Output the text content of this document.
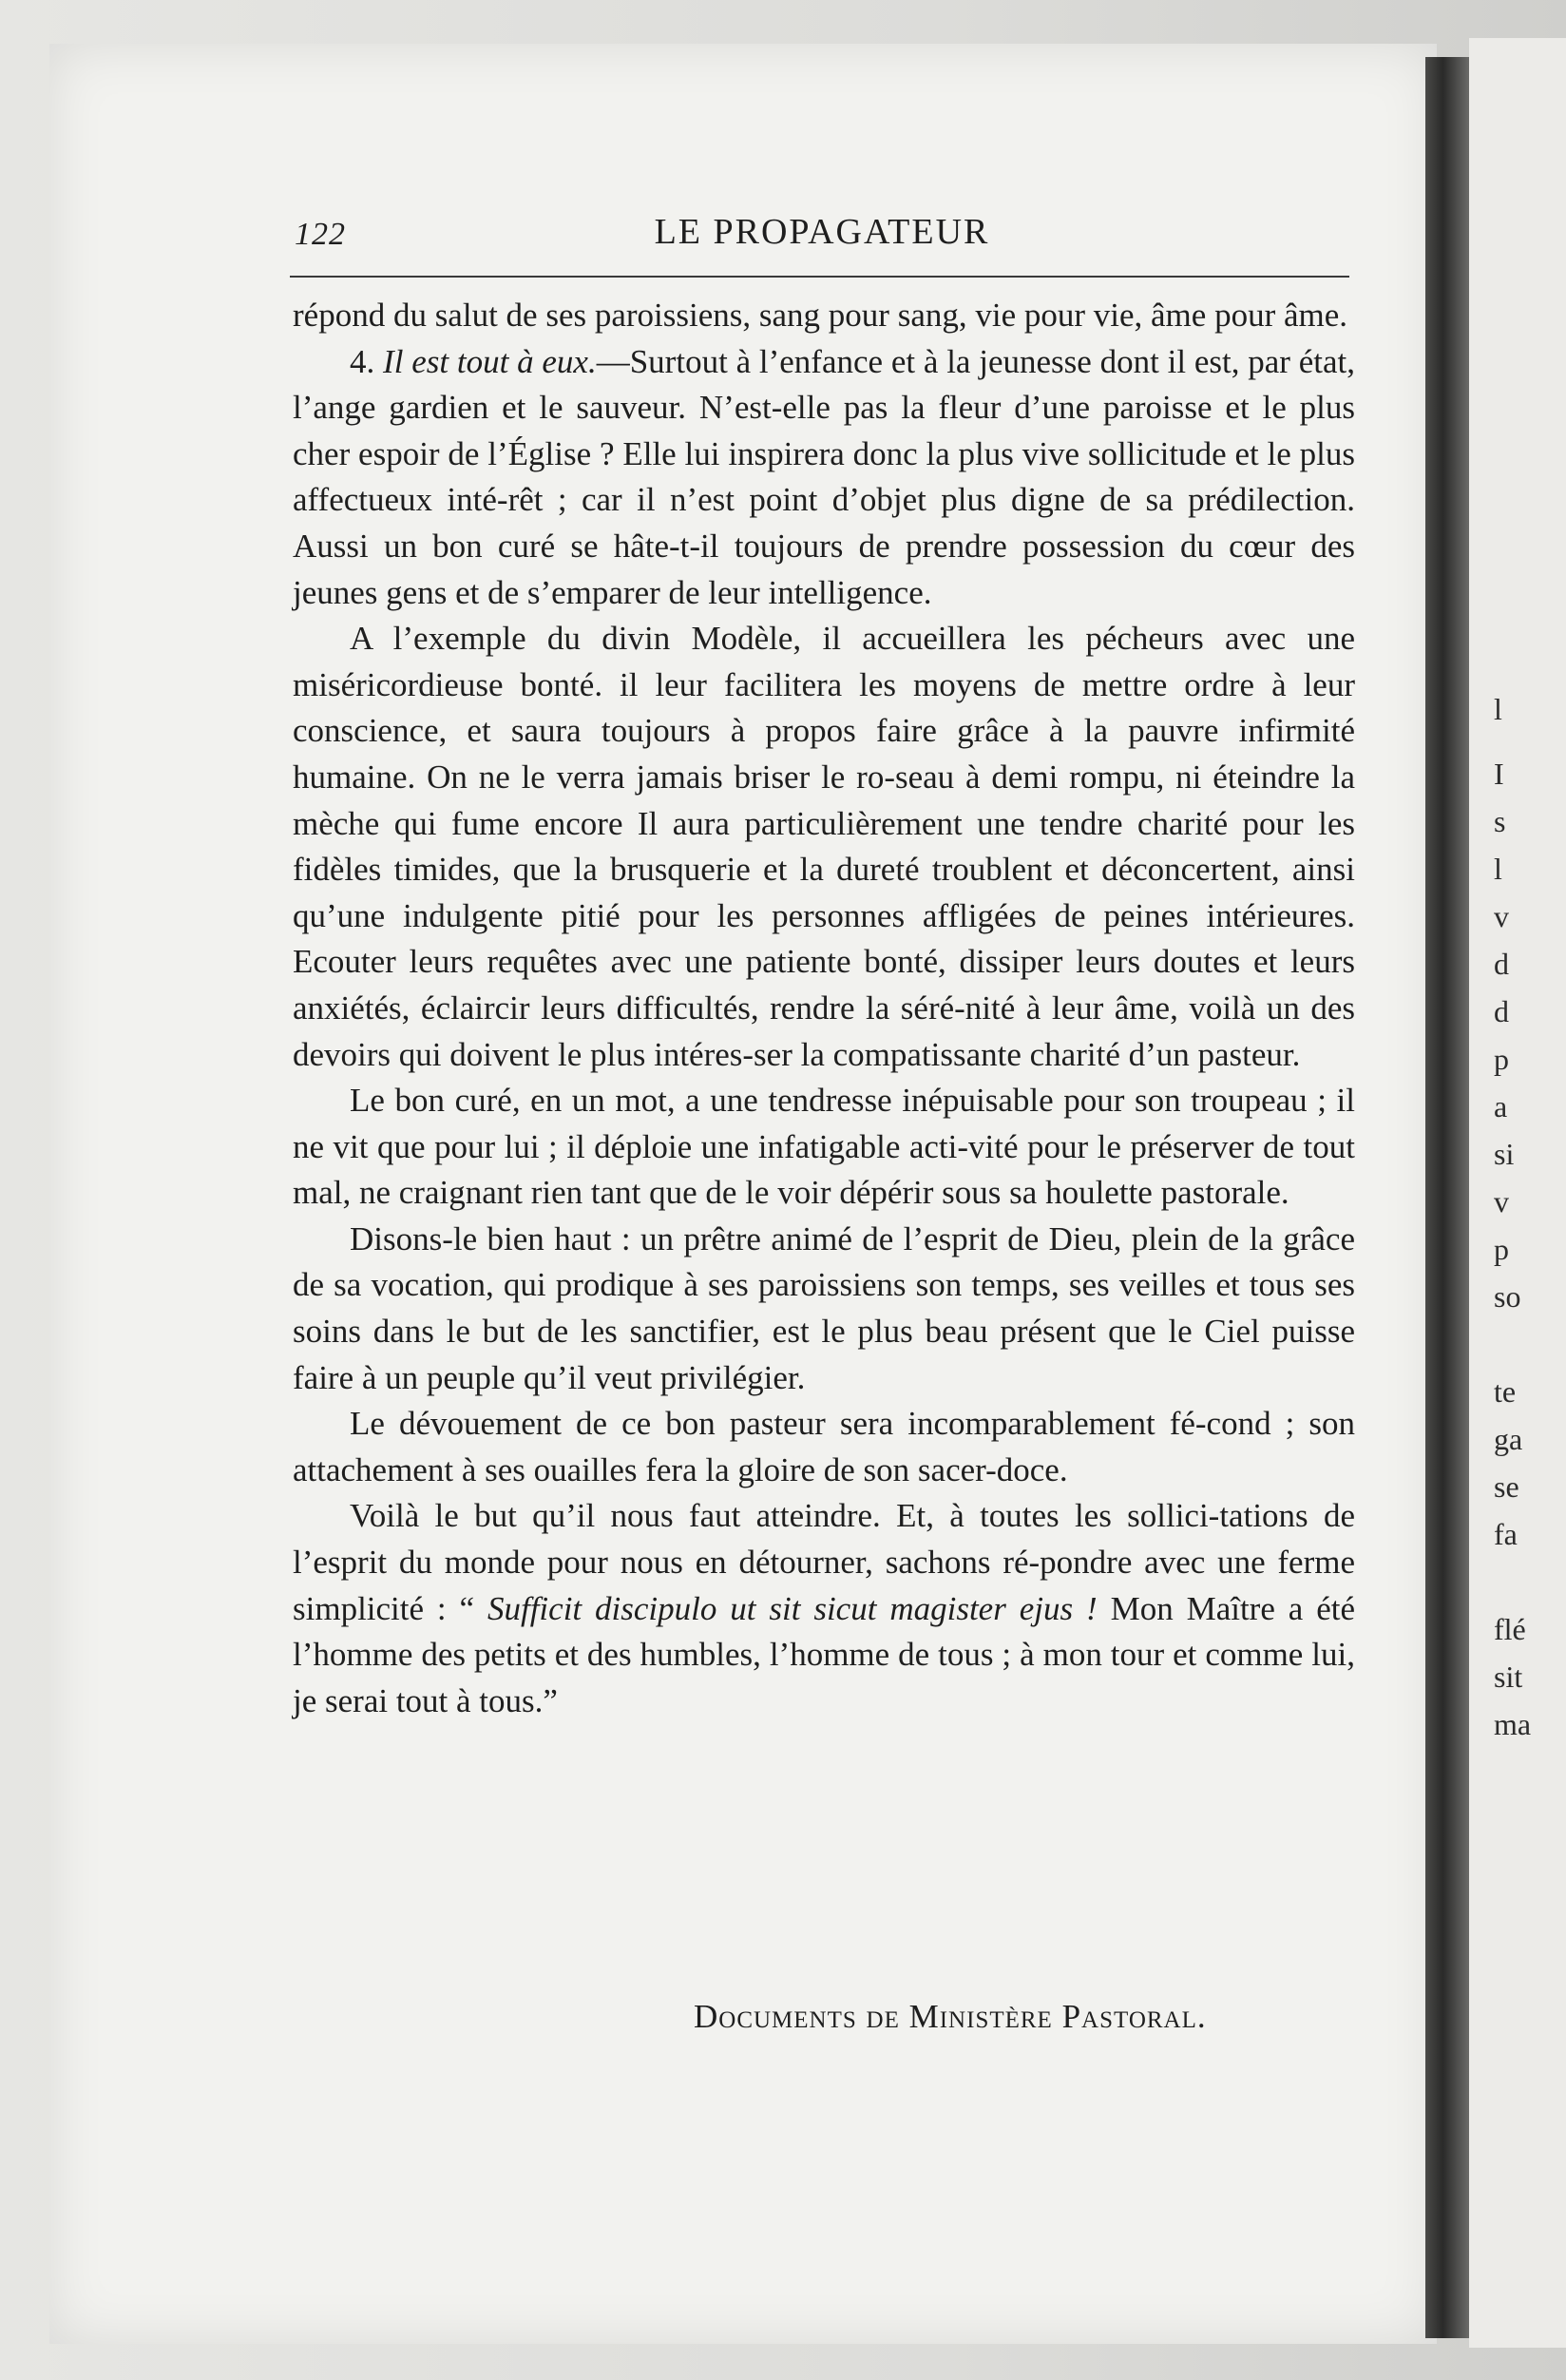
l
I
s
l
v
d
d
p
a
si
v
p
so
te
ga
se
fa
flé
sit
ma
122	LE PROPAGATEUR

répond du salut de ses paroissiens, sang pour sang, vie pour vie, âme pour âme.

4. Il est tout à eux.—Surtout à l’enfance et à la jeunesse dont il est, par état, l’ange gardien et le sauveur. N’est-elle pas la fleur d’une paroisse et le plus cher espoir de l’Église ? Elle lui inspirera donc la plus vive sollicitude et le plus affectueux inté-rêt ; car il n’est point d’objet plus digne de sa prédilection. Aussi un bon curé se hâte-t-il toujours de prendre possession du cœur des jeunes gens et de s’emparer de leur intelligence.

A l’exemple du divin Modèle, il accueillera les pécheurs avec une miséricordieuse bonté. il leur facilitera les moyens de mettre ordre à leur conscience, et saura toujours à propos faire grâce à la pauvre infirmité humaine. On ne le verra jamais briser le ro-seau à demi rompu, ni éteindre la mèche qui fume encore Il aura particulièrement une tendre charité pour les fidèles timides, que la brusquerie et la dureté troublent et déconcertent, ainsi qu’une indulgente pitié pour les personnes affligées de peines intérieures. Ecouter leurs requêtes avec une patiente bonté, dissiper leurs doutes et leurs anxiétés, éclaircir leurs difficultés, rendre la séré-nité à leur âme, voilà un des devoirs qui doivent le plus intéres-ser la compatissante charité d’un pasteur.

Le bon curé, en un mot, a une tendresse inépuisable pour son troupeau ; il ne vit que pour lui ; il déploie une infatigable acti-vité pour le préserver de tout mal, ne craignant rien tant que de le voir dépérir sous sa houlette pastorale.

Disons-le bien haut : un prêtre animé de l’esprit de Dieu, plein de la grâce de sa vocation, qui prodique à ses paroissiens son temps, ses veilles et tous ses soins dans le but de les sanctifier, est le plus beau présent que le Ciel puisse faire à un peuple qu’il veut privilégier.

Le dévouement de ce bon pasteur sera incomparablement fé-cond ; son attachement à ses ouailles fera la gloire de son sacer-doce.

Voilà le but qu’il nous faut atteindre. Et, à toutes les sollici-tations de l’esprit du monde pour nous en détourner, sachons ré-pondre avec une ferme simplicité : “ Sufficit discipulo ut sit sicut magister ejus ! Mon Maître a été l’homme des petits et des humbles, l’homme de tous ; à mon tour et comme lui, je serai tout à tous.”

Documents de Ministère Pastoral.
